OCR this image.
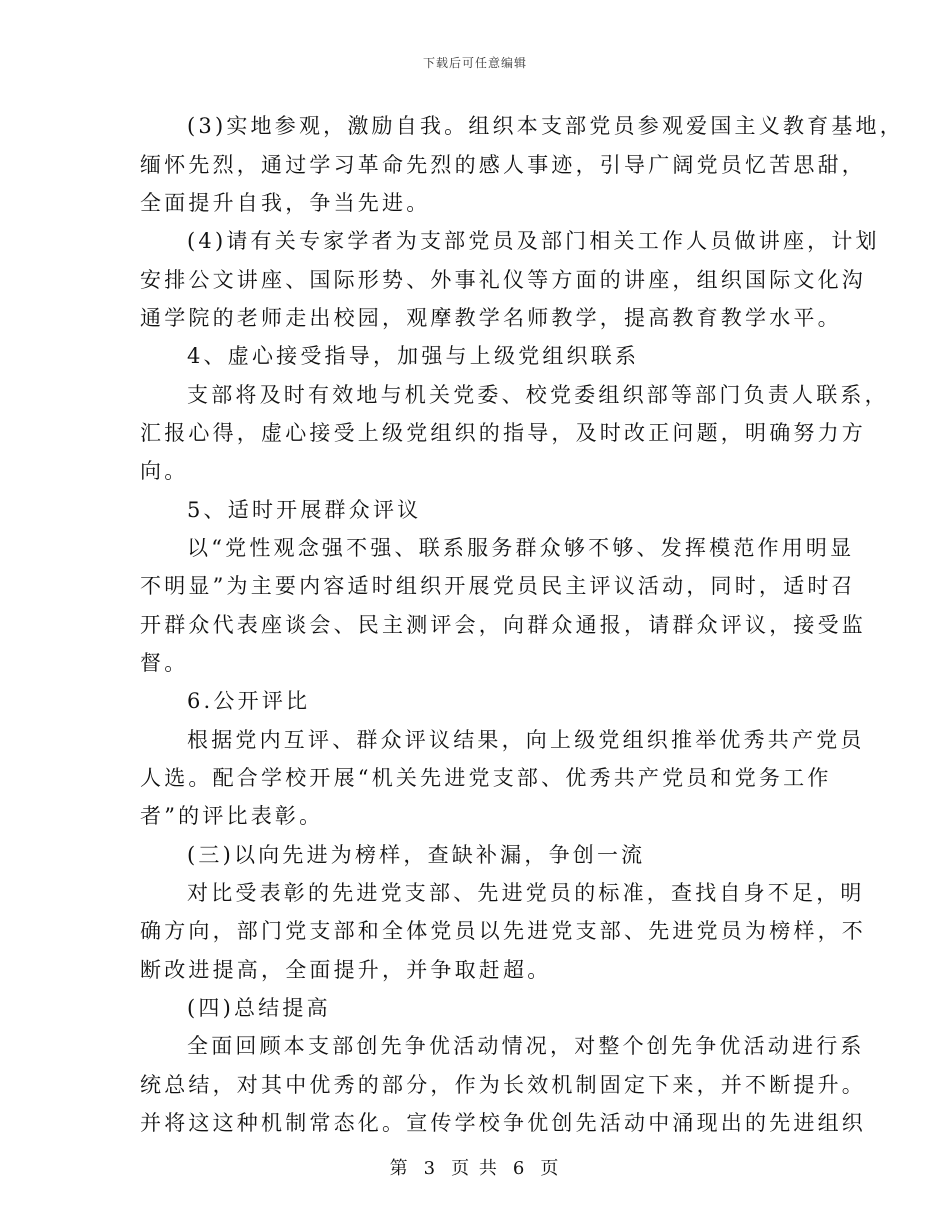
下载后可任意编辑
(3)实地参观，激励自我。组织本支部党员参观爱国主义教育基地，
缅怀先烈，通过学习革命先烈的感人事迹，引导广阔党员忆苦思甜，
全面提升自我，争当先进。
(4)请有关专家学者为支部党员及部门相关工作人员做讲座，计划
安排公文讲座、国际形势、外事礼仪等方面的讲座，组织国际文化沟
通学院的老师走出校园，观摩教学名师教学，提高教育教学水平。
4、虚心接受指导，加强与上级党组织联系
支部将及时有效地与机关党委、校党委组织部等部门负责人联系，
汇报心得，虚心接受上级党组织的指导，及时改正问题，明确努力方
向。
5、适时开展群众评议
以“党性观念强不强、联系服务群众够不够、发挥模范作用明显
不明显”为主要内容适时组织开展党员民主评议活动，同时，适时召
开群众代表座谈会、民主测评会，向群众通报，请群众评议，接受监
督。
6.公开评比
根据党内互评、群众评议结果，向上级党组织推举优秀共产党员
人选。配合学校开展“机关先进党支部、优秀共产党员和党务工作
者”的评比表彰。
(三)以向先进为榜样，查缺补漏，争创一流
对比受表彰的先进党支部、先进党员的标准，查找自身不足，明
确方向，部门党支部和全体党员以先进党支部、先进党员为榜样，不
断改进提高，全面提升，并争取赶超。
(四)总结提高
全面回顾本支部创先争优活动情况，对整个创先争优活动进行系
统总结，对其中优秀的部分，作为长效机制固定下来，并不断提升。
并将这这种机制常态化。宣传学校争优创先活动中涌现出的先进组织
第 3 页 共 6 页
